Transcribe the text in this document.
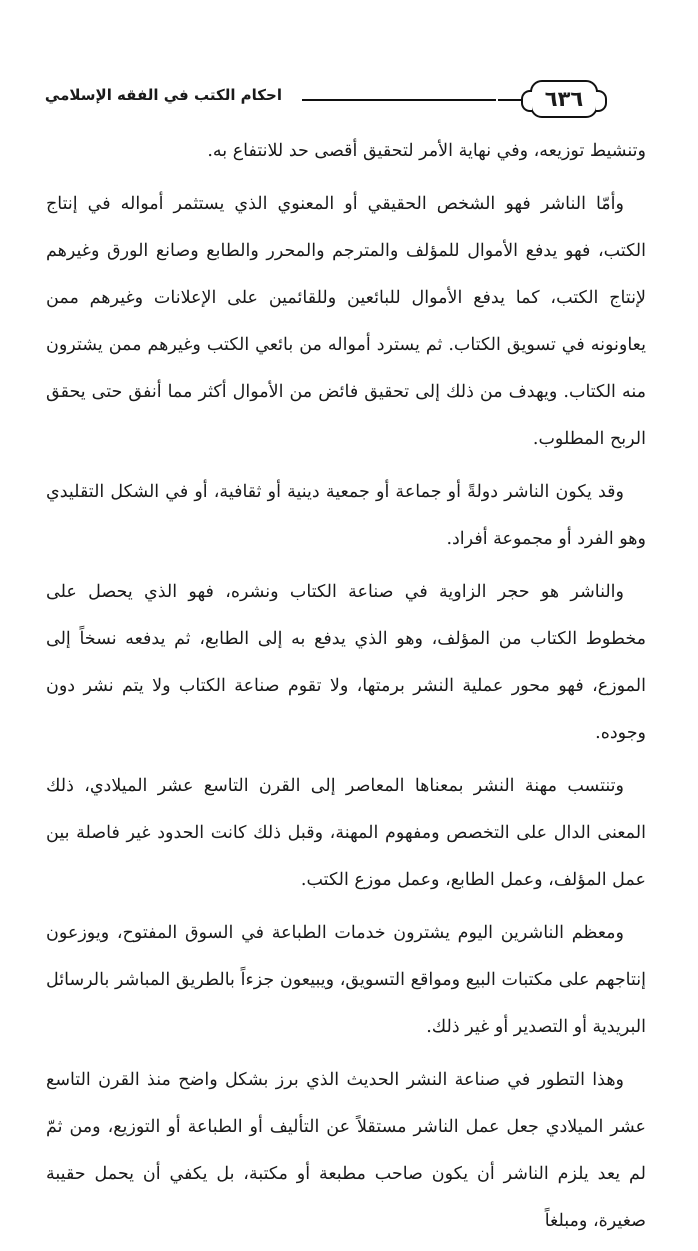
٦٣٦
احكام الكتب في الفقه الإسلامي

وتنشيط توزيعه، وفي نهاية الأمر لتحقيق أقصى حد للانتفاع به.

وأمّا الناشر فهو الشخص الحقيقي أو المعنوي الذي يستثمر أمواله في إنتاج الكتب، فهو يدفع الأموال للمؤلف والمترجم والمحرر والطابع وصانع الورق وغيرهم لإنتاج الكتب، كما يدفع الأموال للبائعين وللقائمين على الإعلانات وغيرهم ممن يعاونونه في تسويق الكتاب. ثم يسترد أمواله من بائعي الكتب وغيرهم ممن يشترون منه الكتاب. ويهدف من ذلك إلى تحقيق فائض من الأموال أكثر مما أنفق حتى يحقق الربح المطلوب.

وقد يكون الناشر دولةً أو جماعة أو جمعية دينية أو ثقافية، أو في الشكل التقليدي وهو الفرد أو مجموعة أفراد.

والناشر هو حجر الزاوية في صناعة الكتاب ونشره، فهو الذي يحصل على مخطوط الكتاب من المؤلف، وهو الذي يدفع به إلى الطابع، ثم يدفعه نسخاً إلى الموزع، فهو محور عملية النشر برمتها، ولا تقوم صناعة الكتاب ولا يتم نشر دون وجوده.

وتنتسب مهنة النشر بمعناها المعاصر إلى القرن التاسع عشر الميلادي، ذلك المعنى الدال على التخصص ومفهوم المهنة، وقبل ذلك كانت الحدود غير فاصلة بين عمل المؤلف، وعمل الطابع، وعمل موزع الكتب.

ومعظم الناشرين اليوم يشترون خدمات الطباعة في السوق المفتوح، ويوزعون إنتاجهم على مكتبات البيع ومواقع التسويق، ويبيعون جزءاً بالطريق المباشر بالرسائل البريدية أو التصدير أو غير ذلك.

وهذا التطور في صناعة النشر الحديث الذي برز بشكل واضح منذ القرن التاسع عشر الميلادي جعل عمل الناشر مستقلاً عن التأليف أو الطباعة أو التوزيع، ومن ثمّ لم يعد يلزم الناشر أن يكون صاحب مطبعة أو مكتبة، بل يكفي أن يحمل حقيبة صغيرة، ومبلغاً
